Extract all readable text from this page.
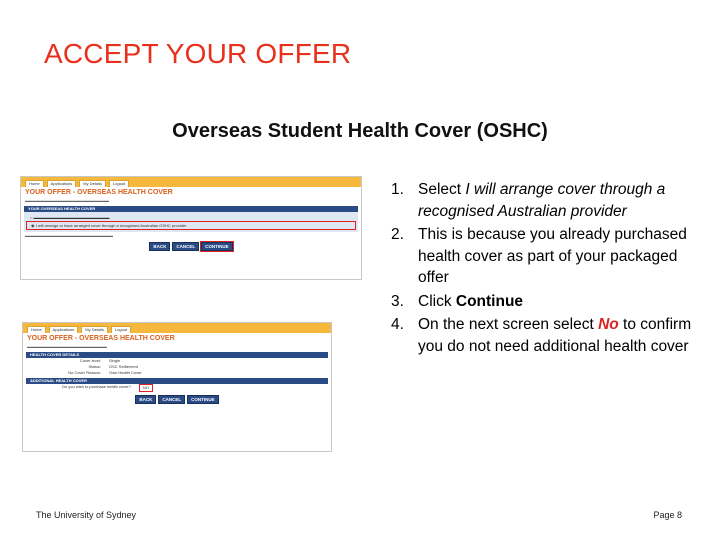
ACCEPT YOUR OFFER
Overseas Student Health Cover (OSHC)
Home	Applications	My Details	Logout
YOUR OFFER - OVERSEAS HEALTH COVER
▬▬▬▬▬▬▬▬▬▬▬▬▬▬▬▬▬▬▬▬▬
YOUR OVERSEAS HEALTH COVER
○ ▬▬▬▬▬▬▬▬▬▬▬▬▬▬▬▬▬▬▬
◉ I will arrange or have arranged cover through a recognised Australian OSHC provider
▬▬▬▬▬▬▬▬▬▬▬▬▬▬▬▬▬▬▬▬▬▬
BACK	CANCEL	CONTINUE
Home	Applications	My Details	Logout
YOUR OFFER - OVERSEAS HEALTH COVER
▬▬▬▬▬▬▬▬▬▬▬▬▬▬▬▬▬▬▬▬
HEALTH COVER DETAILS
Cover level:	Single
Status:	OSC Settlement
No Cover Reason:	Own Health Cover
ADDITIONAL HEALTH COVER
Do you wish to purchase health cover?	NO
BACK	CANCEL	CONTINUE
1. Select I will arrange cover through a recognised Australian provider
2. This is because you already purchased health cover as part of your packaged offer
3. Click Continue
4. On the next screen select No to confirm you do not need additional health cover
The University of Sydney	Page 8
